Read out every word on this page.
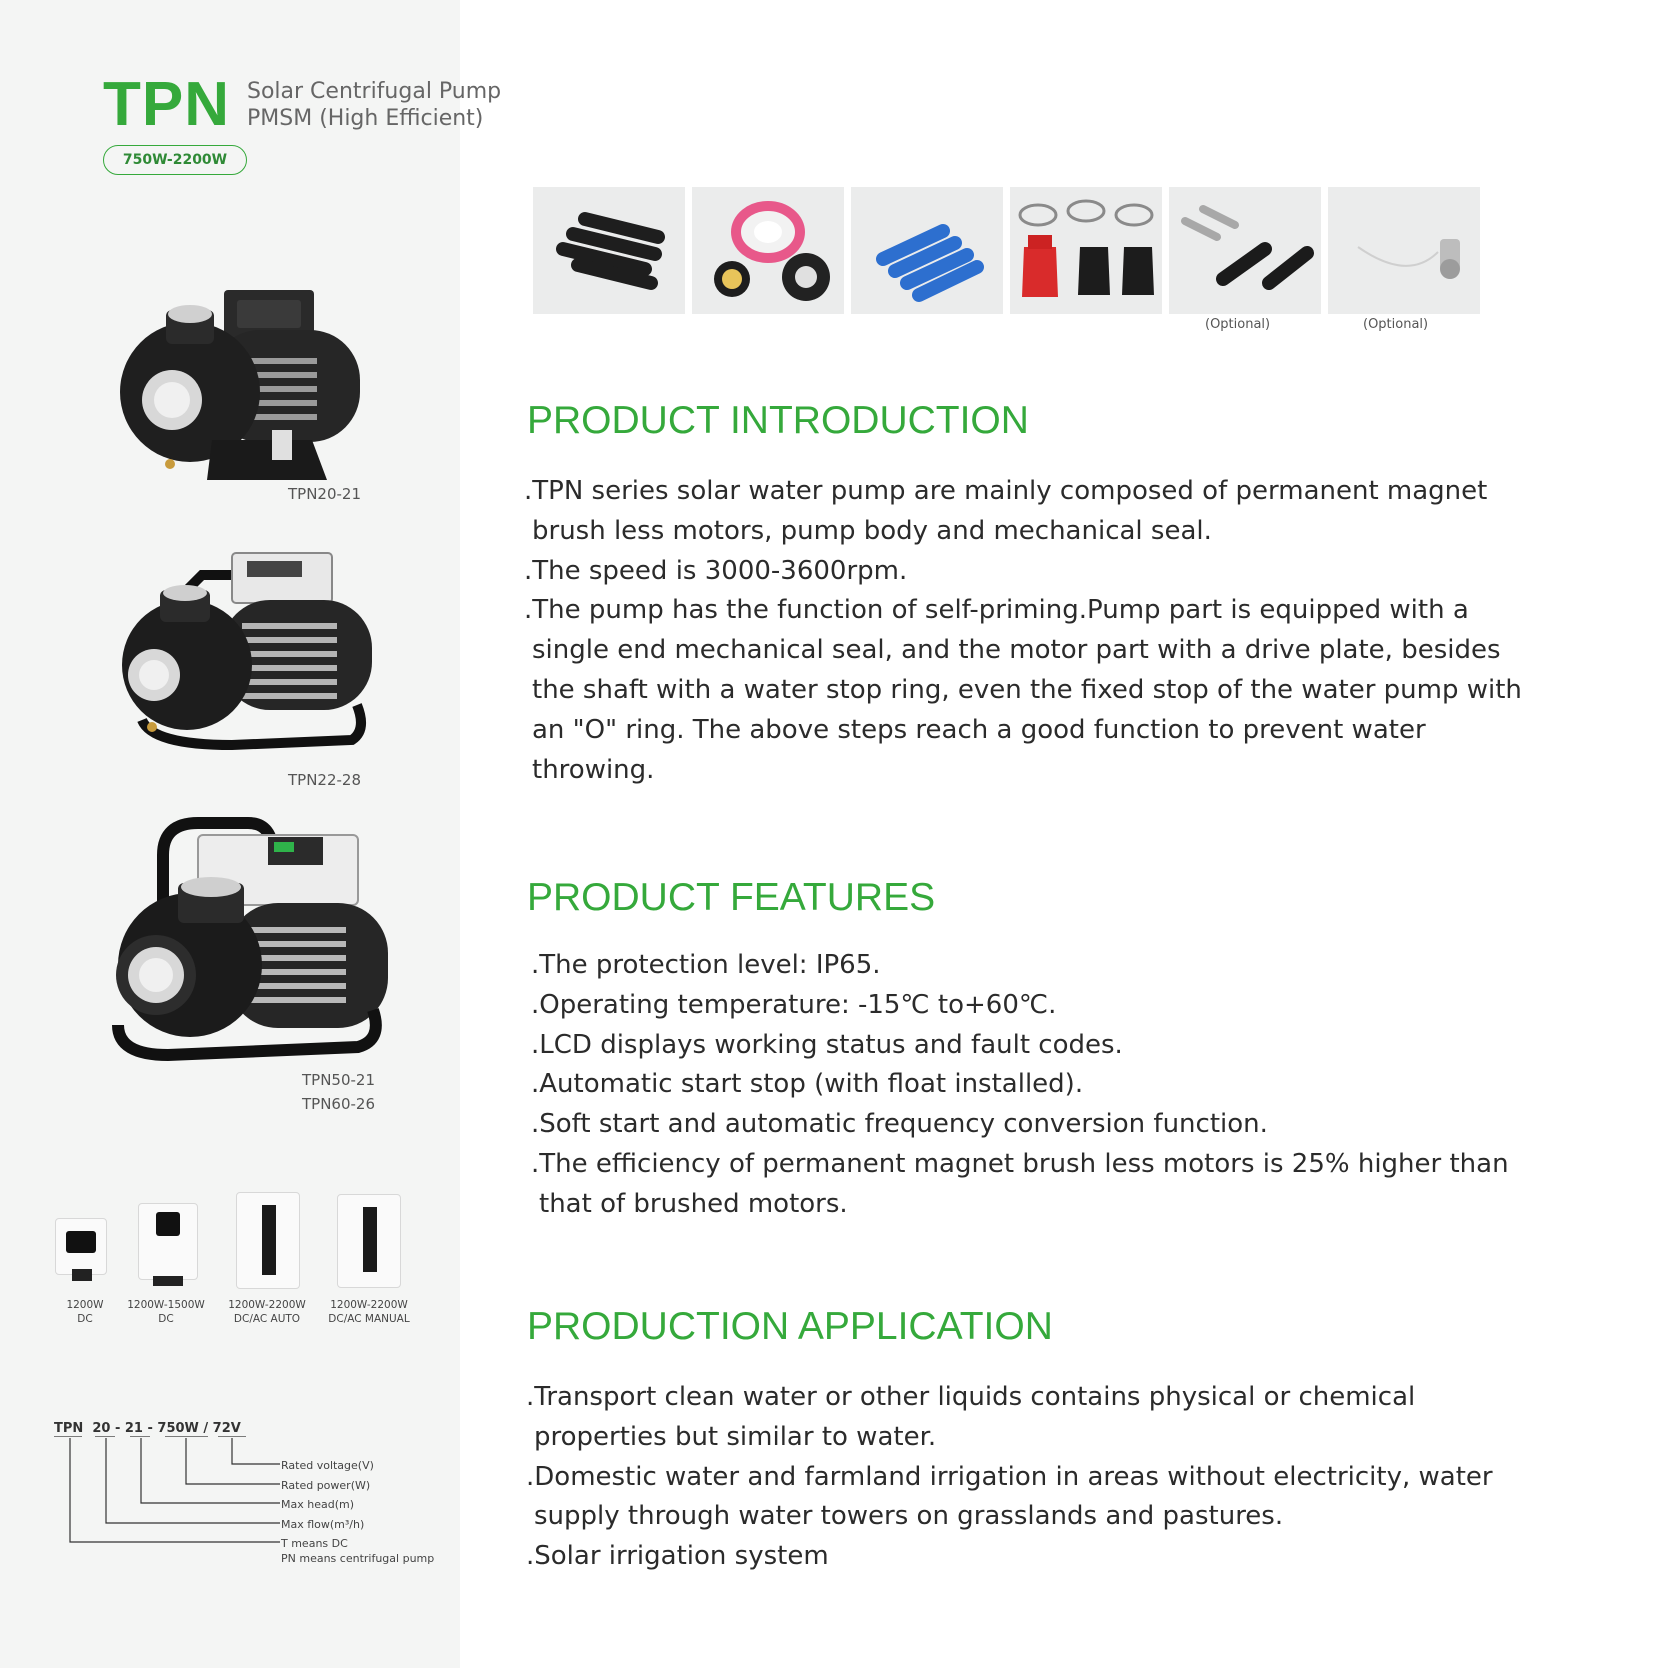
TPN Solar Centrifugal Pump
PMSM (High Efficient)
750W-2200W
TPN20-21
TPN22-28
TPN50-21
TPN60-26
1200W
DC
1200W-1500W
DC
1200W-2200W
DC/AC AUTO
1200W-2200W
DC/AC MANUAL
TPN  20 - 21 - 750W / 72V
Rated voltage(V)
Rated power(W)
Max head(m)
Max flow(m³/h)
T means DC
PN means centrifugal pump
(Optional)	(Optional)
PRODUCT INTRODUCTION
.TPN series solar water pump are mainly composed of permanent magnet
brush less motors, pump body and mechanical seal.
.The speed is 3000-3600rpm.
.The pump has the function of self-priming.Pump part is equipped with a
single end mechanical seal, and the motor part with a drive plate, besides
the shaft with a water stop ring, even the fixed stop of the water pump with
an "O" ring. The above steps reach a good function to prevent water
throwing.
PRODUCT FEATURES
.The protection level: IP65.
.Operating temperature: -15℃ to+60℃.
.LCD displays working status and fault codes.
.Automatic start stop (with float installed).
.Soft start and automatic frequency conversion function.
.The efficiency of permanent magnet brush less motors is 25% higher than
that of brushed motors.
PRODUCTION APPLICATION
.Transport clean water or other liquids contains physical or chemical
properties but similar to water.
.Domestic water and farmland irrigation in areas without electricity, water
supply through water towers on grasslands and pastures.
.Solar irrigation system
